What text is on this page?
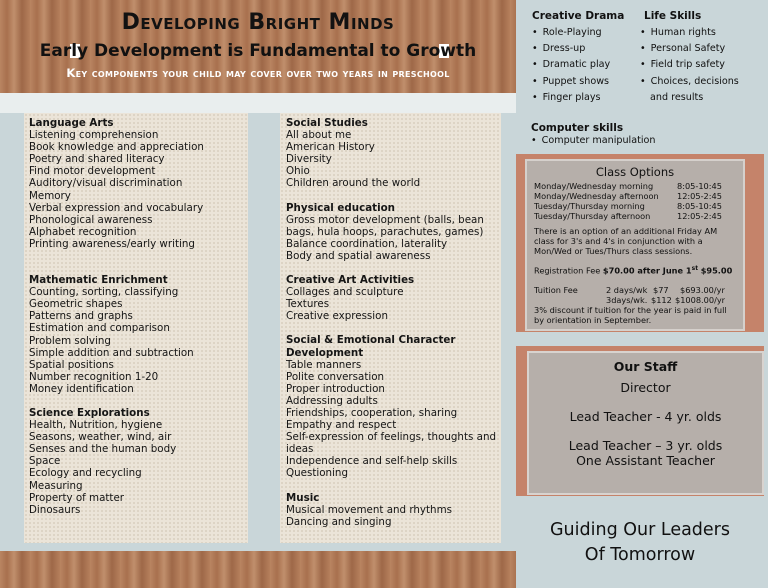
Developing Bright Minds
Early Development is Fundamental to Growth
Key components your child may cover over two years in preschool
Language Arts
Listening comprehension
Book knowledge and appreciation
Poetry and shared literacy
Find motor development
Auditory/visual discrimination
Memory
Verbal expression and vocabulary
Phonological awareness
Alphabet recognition
Printing awareness/early writing
Mathematic Enrichment
Counting, sorting, classifying
Geometric shapes
Patterns and graphs
Estimation and comparison
Problem solving
Simple addition and subtraction
Spatial positions
Number recognition 1-20
Money identification
Science Explorations
Health, Nutrition, hygiene
Seasons, weather, wind, air
Senses and the human body
Space
Ecology and recycling
Measuring
Property of matter
Dinosaurs
Social Studies
All about me
American History
Diversity
Ohio
Children around the world
Physical education
Gross motor development (balls, bean bags, hula hoops, parachutes, games)
Balance coordination, laterality
Body and spatial awareness
Creative Art Activities
Collages and sculpture
Textures
Creative expression
Social & Emotional Character Development
Table manners
Polite conversation
Proper introduction
Addressing adults
Friendships, cooperation, sharing
Empathy and respect
Self-expression of feelings, thoughts and ideas
Independence and self-help skills
Questioning
Music
Musical movement and rhythms
Dancing and singing
Creative Drama
• Role-Playing
• Dress-up
• Dramatic play
• Puppet shows
• Finger plays
Life Skills
• Human rights
• Personal Safety
• Field trip safety
• Choices, decisions
and results
Computer skills
• Computer manipulation
Class Options
Monday/Wednesday morning	8:05-10:45
Monday/Wednesday afternoon 12:05-2:45
Tuesday/Thursday morning	8:05-10:45
Tuesday/Thursday afternoon	12:05-2:45
There is an option of an additional Friday AM class for 3's and 4's in conjunction with a Mon/Wed or Tues/Thurs class sessions.
Registration Fee $70.00 after June 1st $95.00
Tuition Fee	2 days/wk $77 $693.00/yr
3days/wk. $112 $1008.00/yr
3% discount if tuition for the year is paid in full by orientation in September.
Our Staff
Director
Lead Teacher - 4 yr. olds
Lead Teacher – 3 yr. olds
One Assistant Teacher
Guiding Our Leaders
Of Tomorrow
